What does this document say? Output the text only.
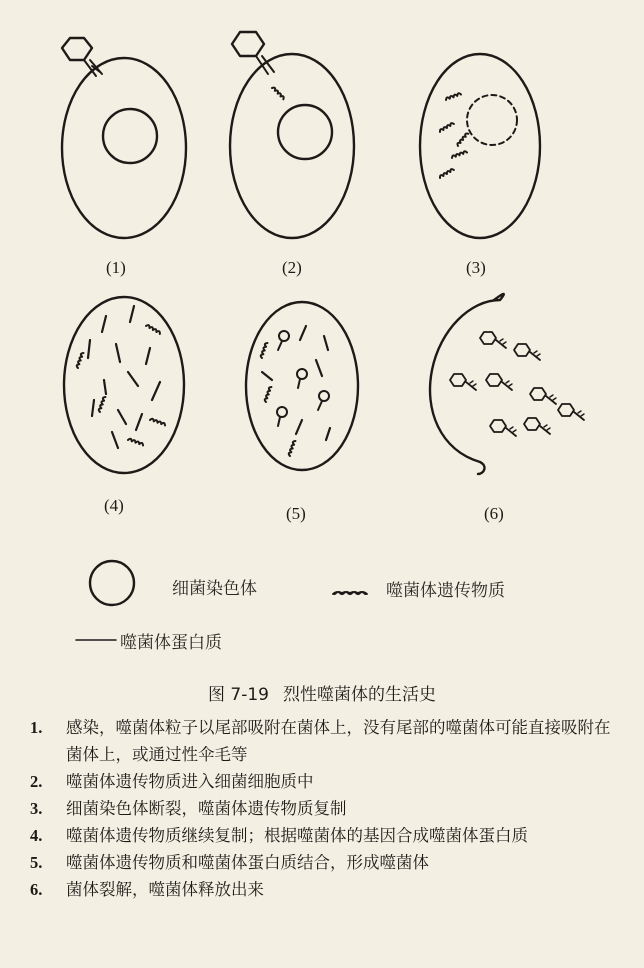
(1)	(2)	(3)
(4)	(5)	(6)
细菌染色体	噬菌体遗传物质
噬菌体蛋白质
图 7-19 烈性噬菌体的生活史
1.	感染，噬菌体粒子以尾部吸附在菌体上，没有尾部的噬菌体可能直接吸附在菌体上，或通过性伞毛等
2.	噬菌体遗传物质进入细菌细胞质中
3.	细菌染色体断裂，噬菌体遗传物质复制
4.	噬菌体遗传物质继续复制；根据噬菌体的基因合成噬菌体蛋白质
5.	噬菌体遗传物质和噬菌体蛋白质结合，形成噬菌体
6.	菌体裂解，噬菌体释放出来
